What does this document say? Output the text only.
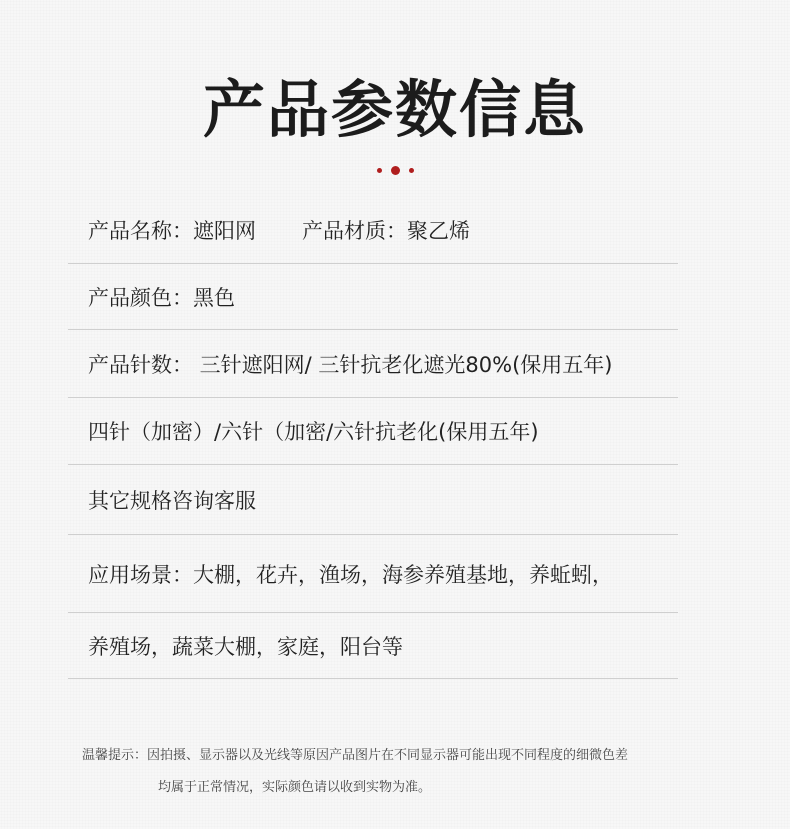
产品参数信息
产品名称：遮阳网 产品材质：聚乙烯
产品颜色：黑色
产品针数： 三针遮阳网/ 三针抗老化遮光80%(保用五年)
四针（加密）/六针（加密/六针抗老化(保用五年)
其它规格咨询客服
应用场景：大棚，花卉，渔场，海参养殖基地，养蚯蚓，
养殖场，蔬菜大棚，家庭，阳台等
温馨提示：因拍摄、显示器以及光线等原因产品图片在不同显示器可能出现不同程度的细微色差
均属于正常情况，实际颜色请以收到实物为准。
